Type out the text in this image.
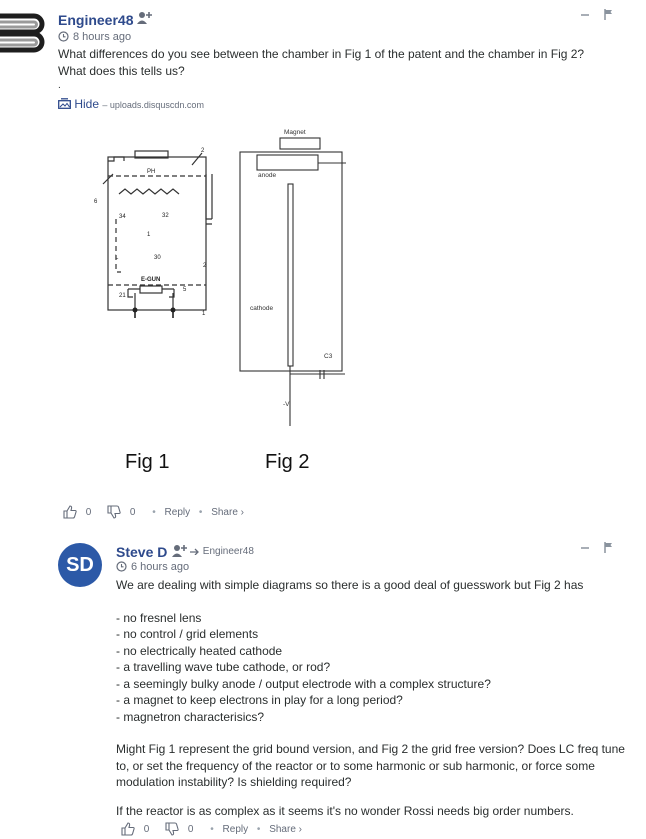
Engineer48
8 hours ago
What differences do you see between the chamber in Fig 1 of the patent and the chamber in Fig 2?
What does this tells us?
.
Hide – uploads.disquscdn.com
PH
2
6
34	32
1
L	30
E-GUN
2
5
21
1
Magnet
anode
cathode
C3
-V
Fig 1	Fig 2
0	0 • Reply • Share ›
SD
Steve D	Engineer48
6 hours ago

We are dealing with simple diagrams so there is a good deal of guesswork but Fig 2 has

- no fresnel lens
- no control / grid elements
- no electrically heated cathode
- a travelling wave tube cathode, or rod?
- a seemingly bulky anode / output electrode with a complex structure?
- a magnet to keep electrons in play for a long period?
- magnetron characterisics?

Might Fig 1 represent the grid bound version, and Fig 2 the grid free version? Does LC freq tune to, or set the frequency of the reactor or to some harmonic or sub harmonic, or force some modulation instability? Is shielding required?

If the reactor is as complex as it seems it's no wonder Rossi needs big order numbers.

0	0 • Reply • Share ›
